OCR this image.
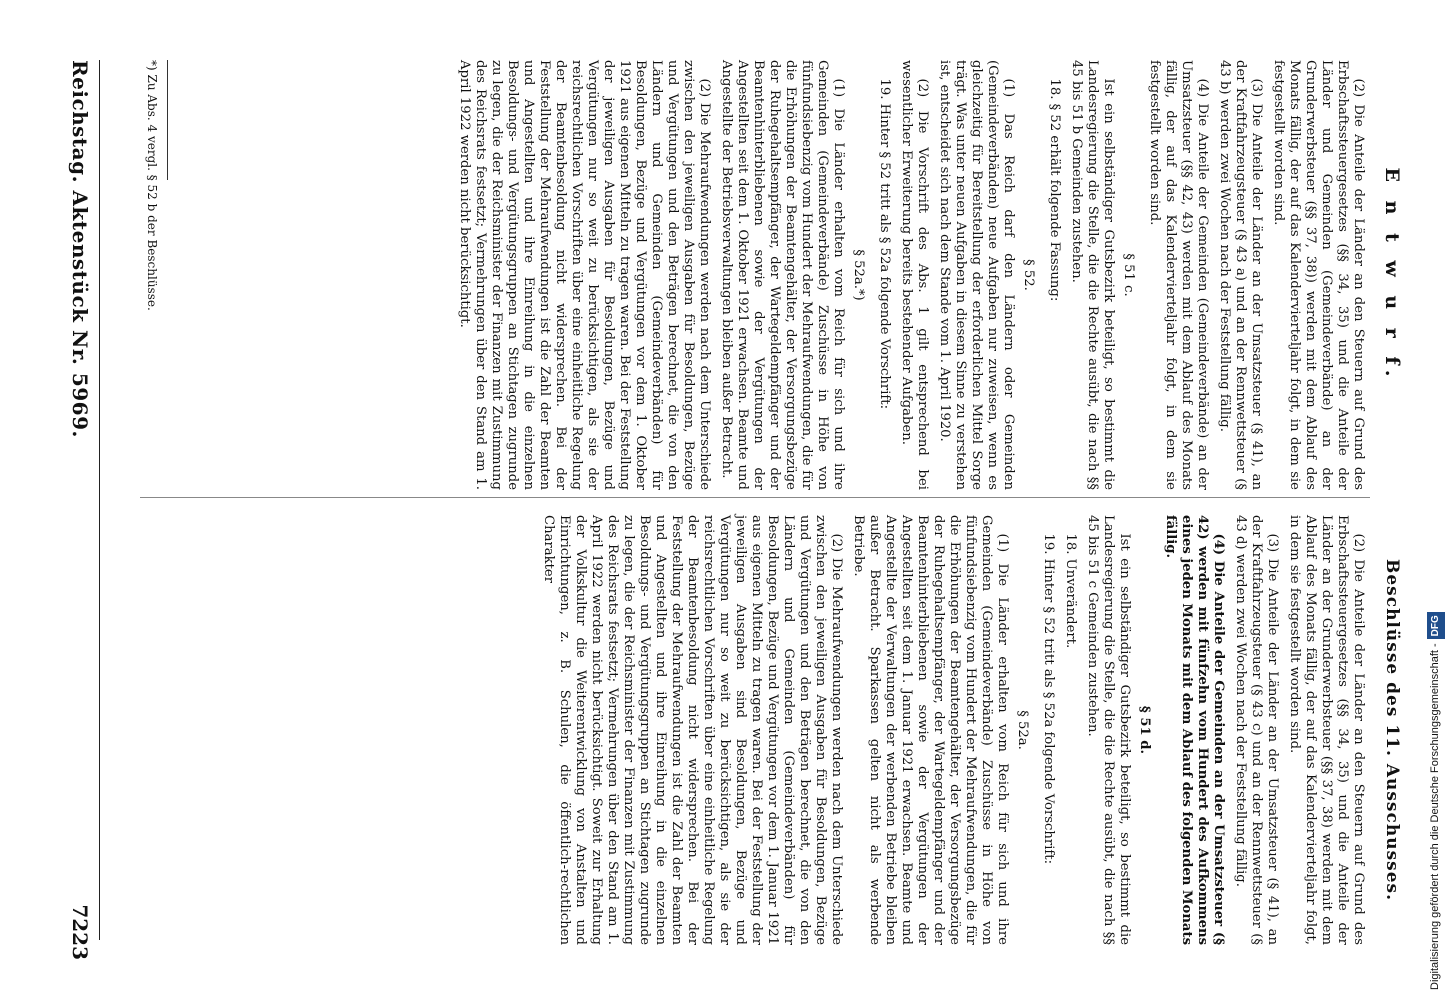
E n t w u r f.

(2) Die Anteile der Länder an den Steuern auf Grund des Erbschaftssteuergesetzes (§§ 34, 35) und die Anteile der Länder und Gemeinden (Gemeindeverbände) an der Grunderwerbsteuer (§§ 37, 38)) werden mit dem Ablauf des Monats fällig, der auf das Kalendervierteljahr folgt, in dem sie festgestellt worden sind.

(3) Die Anteile der Länder an der Umsatzsteuer (§ 41), an der Kraftfahrzeugsteuer (§ 43 a) und an der Rennwettsteuer (§ 43 b) werden zwei Wochen nach der Feststellung fällig.

(4) Die Anteile der Gemeinden (Gemeindeverbände) an der Umsatzsteuer (§§ 42, 43) werden mit dem Ablauf des Monats fällig, der auf das Kalendervierteljahr folgt, in dem sie festgestellt worden sind.

§ 51 c.

Ist ein selbständiger Gutsbezirk beteiligt, so bestimmt die Landesregierung die Stelle, die die Rechte ausübt, die nach §§ 45 bis 51 b Gemeinden zustehen.

18. § 52 erhält folgende Fassung:

§ 52.

(1) Das Reich darf den Ländern oder Gemeinden (Gemeindeverbänden) neue Aufgaben nur zuweisen, wenn es gleichzeitig für Bereitstellung der erforderlichen Mittel Sorge trägt. Was unter neuen Aufgaben in diesem Sinne zu verstehen ist, entscheidet sich nach dem Stande vom 1. April 1920.

(2) Die Vorschrift des Abs. 1 gilt entsprechend bei wesentlicher Erweiterung bereits bestehender Aufgaben.

19. Hinter § 52 tritt als § 52a folgende Vorschrift:

§ 52a.*)

(1) Die Länder erhalten vom Reich für sich und ihre Gemeinden (Gemeindeverbände) Zuschüsse in Höhe von fünfundsiebenzig vom Hundert der Mehraufwendungen, die für die Erhöhungen der Beamtengehälter, der Versorgungsbezüge der Ruhegehaltsempfänger, der Wartegeldempfänger und der Beamtenhinterbliebenen sowie der Vergütungen der Angestellten seit dem 1. Oktober 1921 erwachsen. Beamte und Angestellte der Betriebsverwaltungen bleiben außer Betracht.

(2) Die Mehraufwendungen werden nach dem Unterschiede zwischen den jeweiligen Ausgaben für Besoldungen, Bezüge und Vergütungen und den Beträgen berechnet, die von den Ländern und Gemeinden (Gemeindeverbänden) für Besoldungen, Bezüge und Vergütungen vor dem 1. Oktober 1921 aus eigenen Mitteln zu tragen waren. Bei der Feststellung der jeweiligen Ausgaben für Besoldungen, Bezüge und Vergütungen nur so weit zu berücksichtigen, als sie der reichsrechtlichen Vorschriften über eine einheitliche Regelung der Beamtenbesoldung nicht widersprechen. Bei der Feststellung der Mehraufwendungen ist die Zahl der Beamten und Angestellten und ihre Einreihung in die einzelnen Besoldungs- und Vergütungsgruppen an Stichtagen zugrunde zu legen, die der Reichsminister der Finanzen mit Zustimmung des Reichsrats festsetzt; Vermehrungen über den Stand am 1. April 1922 werden nicht berücksichtigt.

Beschlüsse des 11. Ausschusses.

(2) Die Anteile der Länder an den Steuern auf Grund des Erbschaftssteuergesetzes (§§ 34, 35) und die Anteile der Länder an der Grunderwerbsteuer (§§ 37, 38) werden mit dem Ablauf des Monats fällig, der auf das Kalendervierteljahr folgt, in dem sie festgestellt worden sind.

(3) Die Anteile der Länder an der Umsatzsteuer (§ 41), an der Kraftfahrzeugsteuer (§ 43 c) und an der Rennwettsteuer (§ 43 d) werden zwei Wochen nach der Feststellung fällig.

(4) Die Anteile der Gemeinden an der Umsatzsteuer (§ 42) werden mit fünfzehn vom Hundert des Aufkommens eines jeden Monats mit dem Ablauf des folgenden Monats fällig.

§ 51 d.

Ist ein selbständiger Gutsbezirk beteiligt, so bestimmt die Landesregierung die Stelle, die die Rechte ausübt, die nach §§ 45 bis 51 c Gemeinden zustehen.

18. Unverändert.

19. Hinter § 52 tritt als § 52a folgende Vorschrift:

§ 52a.

(1) Die Länder erhalten vom Reich für sich und ihre Gemeinden (Gemeindeverbände) Zuschüsse in Höhe von fünfundsiebenzig vom Hundert der Mehraufwendungen, die für die Erhöhungen der Beamtengehälter, der Versorgungsbezüge der Ruhegehaltsempfänger, der Wartegeldempfänger und der Beamtenhinterbliebenen sowie der Vergütungen der Angestellten seit dem 1. Januar 1921 erwachsen. Beamte und Angestellte der Verwaltungen der werbenden Betriebe bleiben außer Betracht. Sparkassen gelten nicht als werbende Betriebe.

(2) Die Mehraufwendungen werden nach dem Unterschiede zwischen den jeweiligen Ausgaben für Besoldungen, Bezüge und Vergütungen und den Beträgen berechnet, die von den Ländern und Gemeinden (Gemeindeverbänden) für Besoldungen, Bezüge und Vergütungen vor dem 1. Januar 1921 aus eigenen Mitteln zu tragen waren. Bei der Feststellung der jeweiligen Ausgaben sind Besoldungen, Bezüge und Vergütungen nur so weit zu berücksichtigen, als sie der reichsrechtlichen Vorschriften über eine einheitliche Regelung der Beamtenbesoldung nicht widersprechen. Bei der Feststellung der Mehraufwendungen ist die Zahl der Beamten und Angestellten und ihre Einreihung in die einzelnen Besoldungs- und Vergütungsgruppen an Stichtagen zugrunde zu legen, die der Reichsminister der Finanzen mit Zustimmung des Reichsrats festsetzt; Vermehrungen über den Stand am 1. April 1922 werden nicht berücksichtigt. Soweit zur Erhaltung der Volkskultur die Weiterentwicklung von Anstalten und Einrichtungen, z. B. Schulen, die öffentlich-rechtlichen Charakter

*) Zu Abs. 4 vergl. § 52 b der Beschlüsse.
Reichstag. Aktenstück Nr. 5969.
7223	Digitalisierung gefördert durch die Deutsche Forschungsgemeinschaft -DFG
